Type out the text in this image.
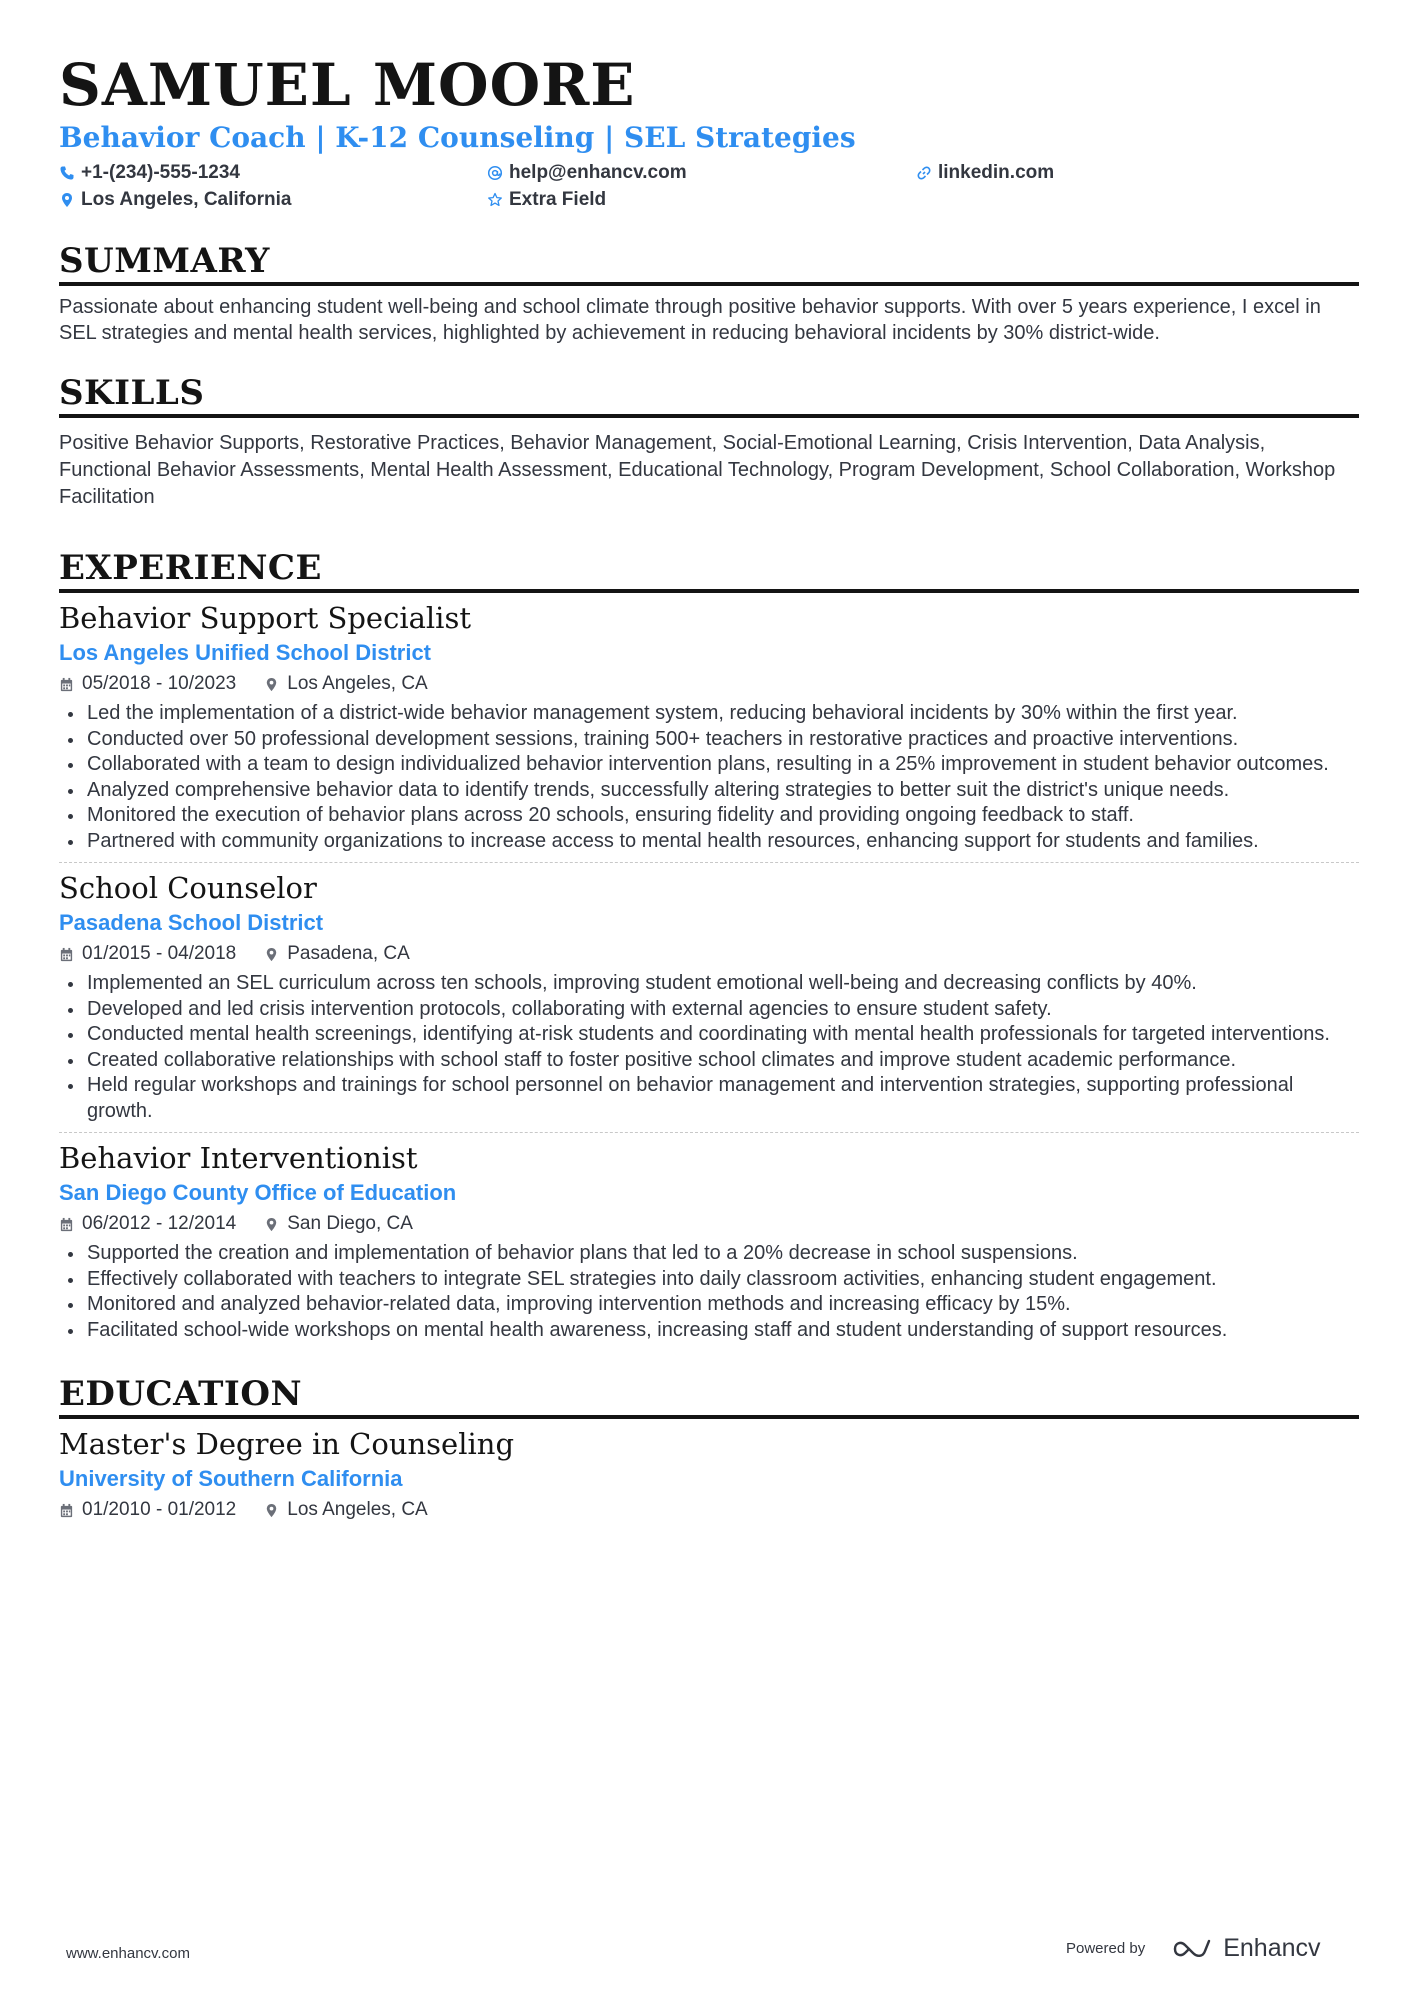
SAMUEL MOORE
Behavior Coach | K-12 Counseling | SEL Strategies
+1-(234)-555-1234	help@enhancv.com	linkedin.com
Los Angeles, California	Extra Field
SUMMARY
Passionate about enhancing student well-being and school climate through positive behavior supports. With over 5 years experience, I excel in SEL strategies and mental health services, highlighted by achievement in reducing behavioral incidents by 30% district-wide.
SKILLS
Positive Behavior Supports, Restorative Practices, Behavior Management, Social-Emotional Learning, Crisis Intervention, Data Analysis, Functional Behavior Assessments, Mental Health Assessment, Educational Technology, Program Development, School Collaboration, Workshop Facilitation
EXPERIENCE
Behavior Support Specialist
Los Angeles Unified School District
05/2018 - 10/2023	Los Angeles, CA
Led the implementation of a district-wide behavior management system, reducing behavioral incidents by 30% within the first year.
Conducted over 50 professional development sessions, training 500+ teachers in restorative practices and proactive interventions.
Collaborated with a team to design individualized behavior intervention plans, resulting in a 25% improvement in student behavior outcomes.
Analyzed comprehensive behavior data to identify trends, successfully altering strategies to better suit the district's unique needs.
Monitored the execution of behavior plans across 20 schools, ensuring fidelity and providing ongoing feedback to staff.
Partnered with community organizations to increase access to mental health resources, enhancing support for students and families.
School Counselor
Pasadena School District
01/2015 - 04/2018	Pasadena, CA
Implemented an SEL curriculum across ten schools, improving student emotional well-being and decreasing conflicts by 40%.
Developed and led crisis intervention protocols, collaborating with external agencies to ensure student safety.
Conducted mental health screenings, identifying at-risk students and coordinating with mental health professionals for targeted interventions.
Created collaborative relationships with school staff to foster positive school climates and improve student academic performance.
Held regular workshops and trainings for school personnel on behavior management and intervention strategies, supporting professional growth.
Behavior Interventionist
San Diego County Office of Education
06/2012 - 12/2014	San Diego, CA
Supported the creation and implementation of behavior plans that led to a 20% decrease in school suspensions.
Effectively collaborated with teachers to integrate SEL strategies into daily classroom activities, enhancing student engagement.
Monitored and analyzed behavior-related data, improving intervention methods and increasing efficacy by 15%.
Facilitated school-wide workshops on mental health awareness, increasing staff and student understanding of support resources.
EDUCATION
Master's Degree in Counseling
University of Southern California
01/2010 - 01/2012	Los Angeles, CA
www.enhancv.com	Powered by	Enhancv
